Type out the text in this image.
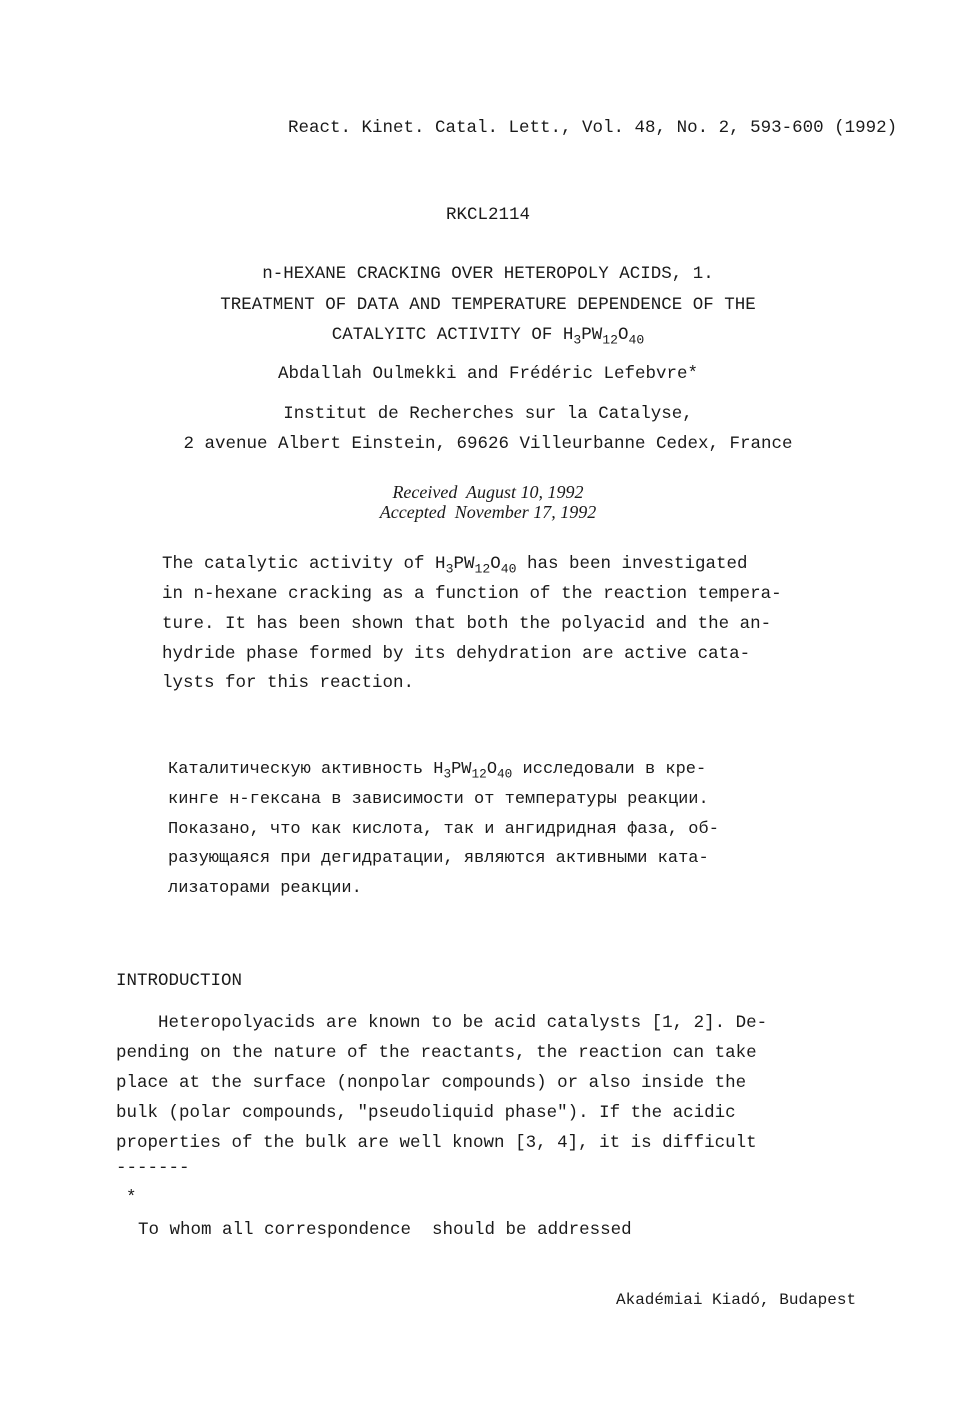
React. Kinet. Catal. Lett., Vol. 48, No. 2, 593-600 (1992)
RKCL2114
n-HEXANE CRACKING OVER HETEROPOLY ACIDS, 1.
TREATMENT OF DATA AND TEMPERATURE DEPENDENCE OF THE
CATALYITC ACTIVITY OF $H_3PW_{12}O_{40}$
Abdallah Oulmekki and Frédéric Lefebvre*
Institut de Recherches sur la Catalyse,
2 avenue Albert Einstein, 69626 Villeurbanne Cedex, France
Received  August 10, 1992
Accepted  November 17, 1992
The catalytic activity of $H_3PW_{12}O_{40}$ has been investigated
in n-hexane cracking as a function of the reaction tempera-
ture. It has been shown that both the polyacid and the an-
hydride phase formed by its dehydration are active cata-
lysts for this reaction.
Каталитическую активность $H_3PW_{12}O_{40}$ исследовали в кре-
кинге н-гексана в зависимости от температуры реакции.
Показано, что как кислота, так и ангидридная фаза, об-
разующаяся при дегидратации, являются активными ката-
лизаторами реакции.
INTRODUCTION
Heteropolyacids are known to be acid catalysts [1, 2]. De-
pending on the nature of the reactants, the reaction can take
place at the surface (nonpolar compounds) or also inside the
bulk (polar compounds, "pseudoliquid phase"). If the acidic
properties of the bulk are well known [3, 4], it is difficult
-------
*
To whom all correspondence  should be addressed
Akadémiai Kiadó, Budapest
